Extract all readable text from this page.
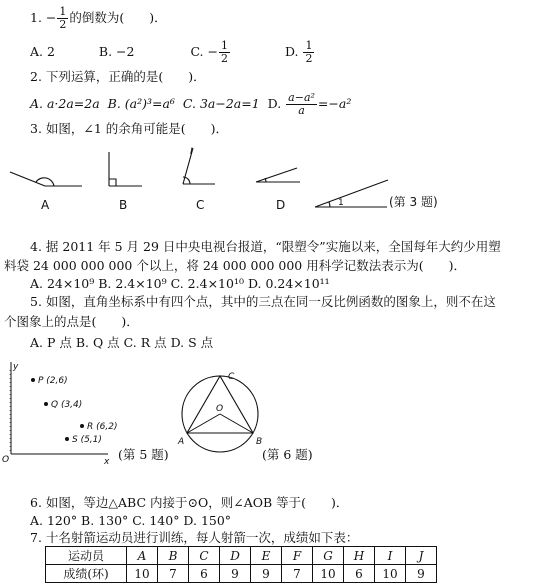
1. − $\frac{1}{2}$ 的倒数为(　　)．
A. 2	B. −2	C. − $\frac{1}{2}$	D. $\frac{1}{2}$
2. 下列运算，正确的是(　　)．
A. a·2a=2a B. (a²)³=a⁶ C. 3a−2a=1 D. $\frac{\text{a−a²}}{a} =-a^2$
3. 如图，∠1 的余角可能是(　　)．
I
1	(第 3 题)
A	B	C	D
4. 据 2011 年 5 月 29 日中央电视台报道，“限塑令”实施以来，全国每年大约少用塑
料袋 24 000 000 000 个以上，将 24 000 000 000 用科学记数法表示为(　　)．
A. 24×10⁹ B. 2.4×10⁹ C. 2.4×10¹⁰ D. 0.24×10¹¹
5. 如图，直角坐标系中有四个点，其中的三点在同一反比例函数的图象上，则不在这
个图象上的点是(　　)．
A. P 点 B. Q 点 C. R 点 D. S 点
y
x
O
P (2,6)
Q (3,4)
R (6,2)
S (5,1)
(第 5 题)
O
A	B
C
(第 6 题)
6. 如图，等边△ABC 内接于⊙O，则∠AOB 等于(　　)．
A. 120° B. 130° C. 140° D. 150°
7. 十名射箭运动员进行训练，每人射箭一次，成绩如下表：
运动员	A	B	C	D	E	F	G	H	I	J
成绩(环)	10	7	6	9	9	7	10	6	10	9
